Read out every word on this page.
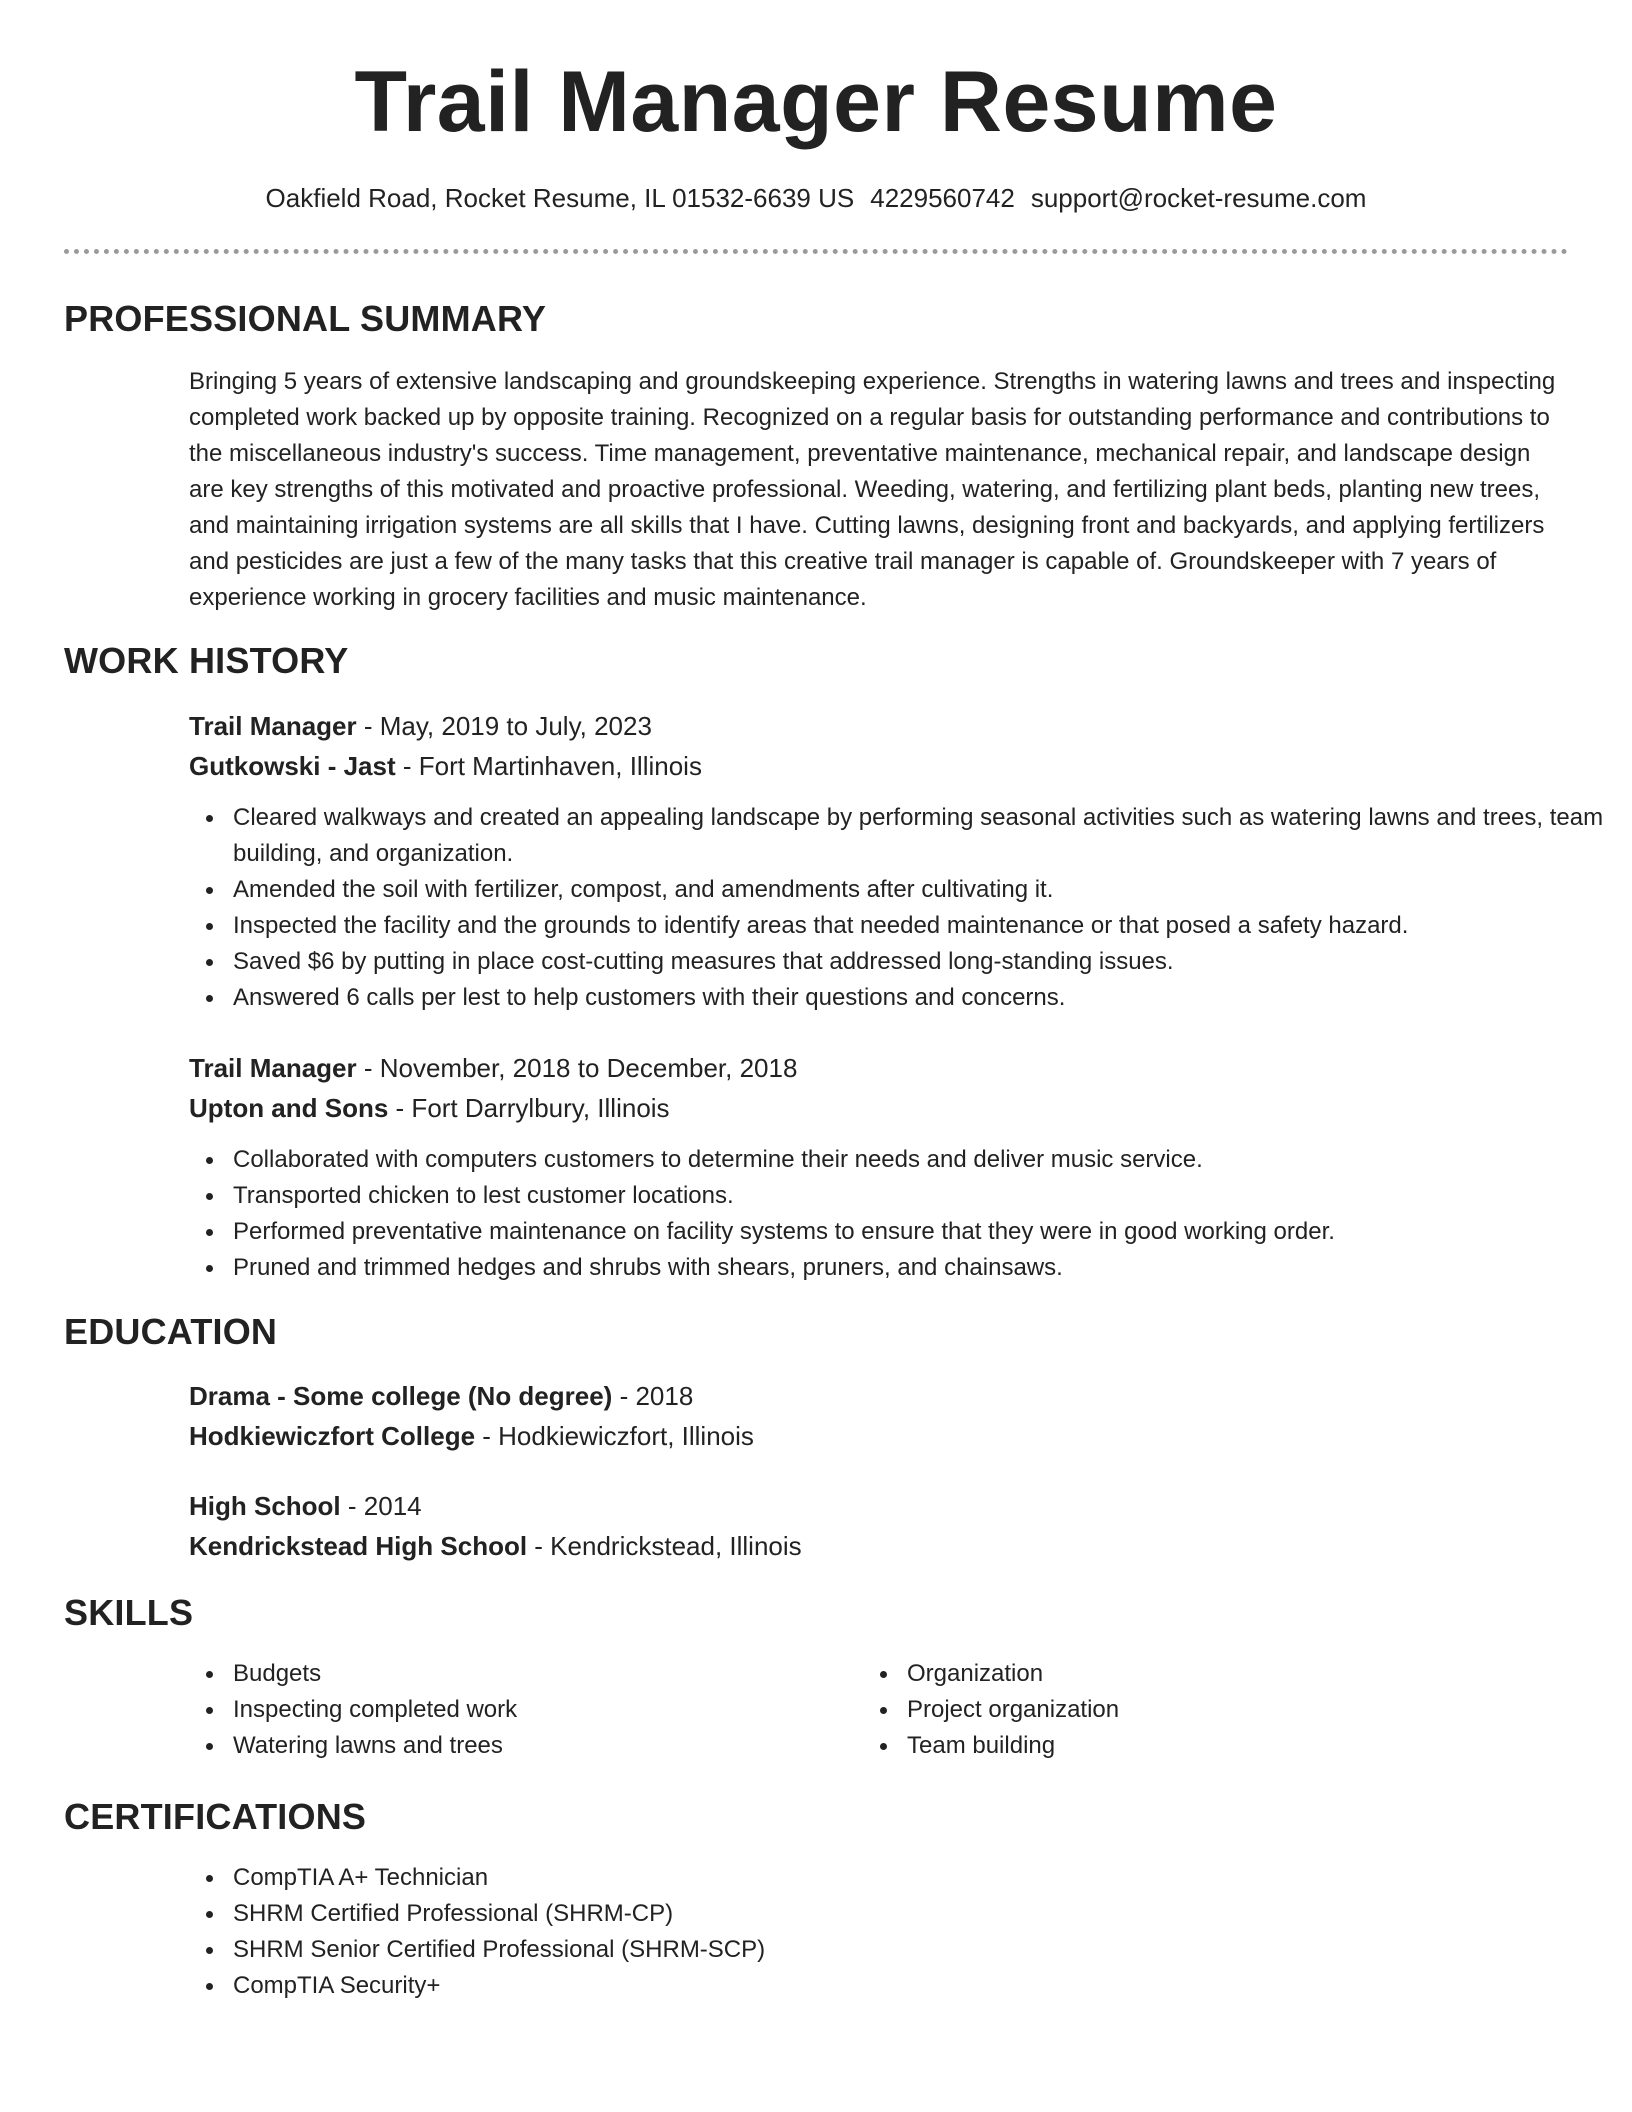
Trail Manager Resume
Oakfield Road, Rocket Resume, IL 01532-6639 US 4229560742 support@rocket-resume.com
PROFESSIONAL SUMMARY

Bringing 5 years of extensive landscaping and groundskeeping experience. Strengths in watering lawns and trees and inspecting completed work backed up by opposite training. Recognized on a regular basis for outstanding performance and contributions to the miscellaneous industry's success. Time management, preventative maintenance, mechanical repair, and landscape design are key strengths of this motivated and proactive professional. Weeding, watering, and fertilizing plant beds, planting new trees, and maintaining irrigation systems are all skills that I have. Cutting lawns, designing front and backyards, and applying fertilizers and pesticides are just a few of the many tasks that this creative trail manager is capable of. Groundskeeper with 7 years of experience working in grocery facilities and music maintenance.

WORK HISTORY
Trail Manager - May, 2019 to July, 2023
Gutkowski - Jast - Fort Martinhaven, Illinois
Cleared walkways and created an appealing landscape by performing seasonal activities such as watering lawns and trees, team building, and organization.
Amended the soil with fertilizer, compost, and amendments after cultivating it.
Inspected the facility and the grounds to identify areas that needed maintenance or that posed a safety hazard.
Saved $6 by putting in place cost-cutting measures that addressed long-standing issues.
Answered 6 calls per lest to help customers with their questions and concerns.
Trail Manager - November, 2018 to December, 2018
Upton and Sons - Fort Darrylbury, Illinois
Collaborated with computers customers to determine their needs and deliver music service.
Transported chicken to lest customer locations.
Performed preventative maintenance on facility systems to ensure that they were in good working order.
Pruned and trimmed hedges and shrubs with shears, pruners, and chainsaws.
EDUCATION
Drama - Some college (No degree) - 2018
Hodkiewiczfort College - Hodkiewiczfort, Illinois
High School - 2014
Kendrickstead High School - Kendrickstead, Illinois
SKILLS
Budgets
Inspecting completed work
Watering lawns and trees
Organization
Project organization
Team building
CERTIFICATIONS
CompTIA A+ Technician
SHRM Certified Professional (SHRM-CP)
SHRM Senior Certified Professional (SHRM-SCP)
CompTIA Security+
